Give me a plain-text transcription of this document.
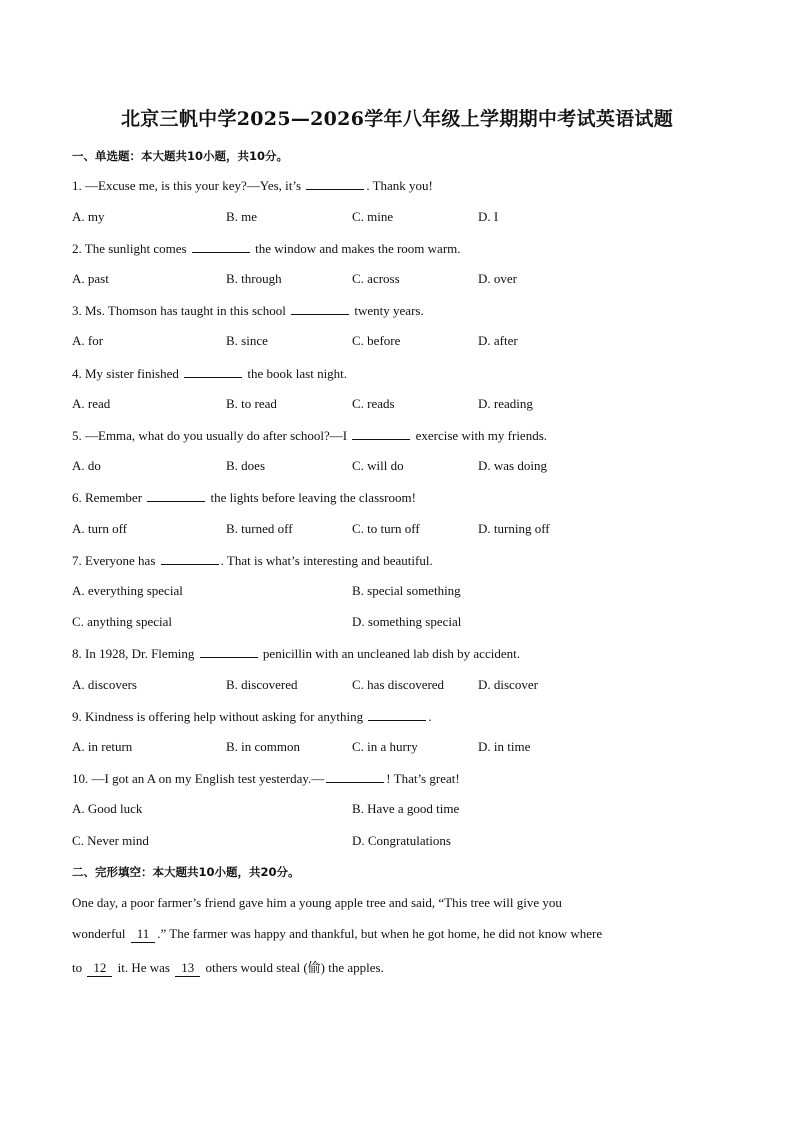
北京三帆中学2025—2026学年八年级上学期期中考试英语试题
一、单选题：本大题共10小题，共10分。
1. —Excuse me, is this your key?—Yes, it’s	. Thank you!
A. my	B. me	C. mine	D. I
2. The sunlight comes	the window and makes the room warm.
A. past	B. through	C. across	D. over
3. Ms. Thomson has taught in this school	twenty years.
A. for	B. since	C. before	D. after
4. My sister finished	the book last night.
A. read	B. to read	C. reads	D. reading
5. —Emma, what do you usually do after school?—I	exercise with my friends.
A. do	B. does	C. will do	D. was doing
6. Remember	the lights before leaving the classroom!
A. turn off	B. turned off	C. to turn off	D. turning off
7. Everyone has	. That is what’s interesting and beautiful.
A. everything special	B. special something
C. anything special	D. something special
8. In 1928, Dr. Fleming	penicillin with an uncleaned lab dish by accident.
A. discovers	B. discovered	C. has discovered	D. discover
9. Kindness is offering help without asking for anything	.
A. in return	B. in common	C. in a hurry	D. in time
10. —I got an A on my English test yesterday.—	! That’s great!
A. Good luck	B. Have a good time
C. Never mind	D. Congratulations
二、完形填空：本大题共10小题，共20分。
One day, a poor farmer’s friend gave him a young apple tree and said, “This tree will give you
wonderful 11 .” The farmer was happy and thankful, but when he got home, he did not know where
to 12 it. He was 13 others would steal (偷) the apples.
